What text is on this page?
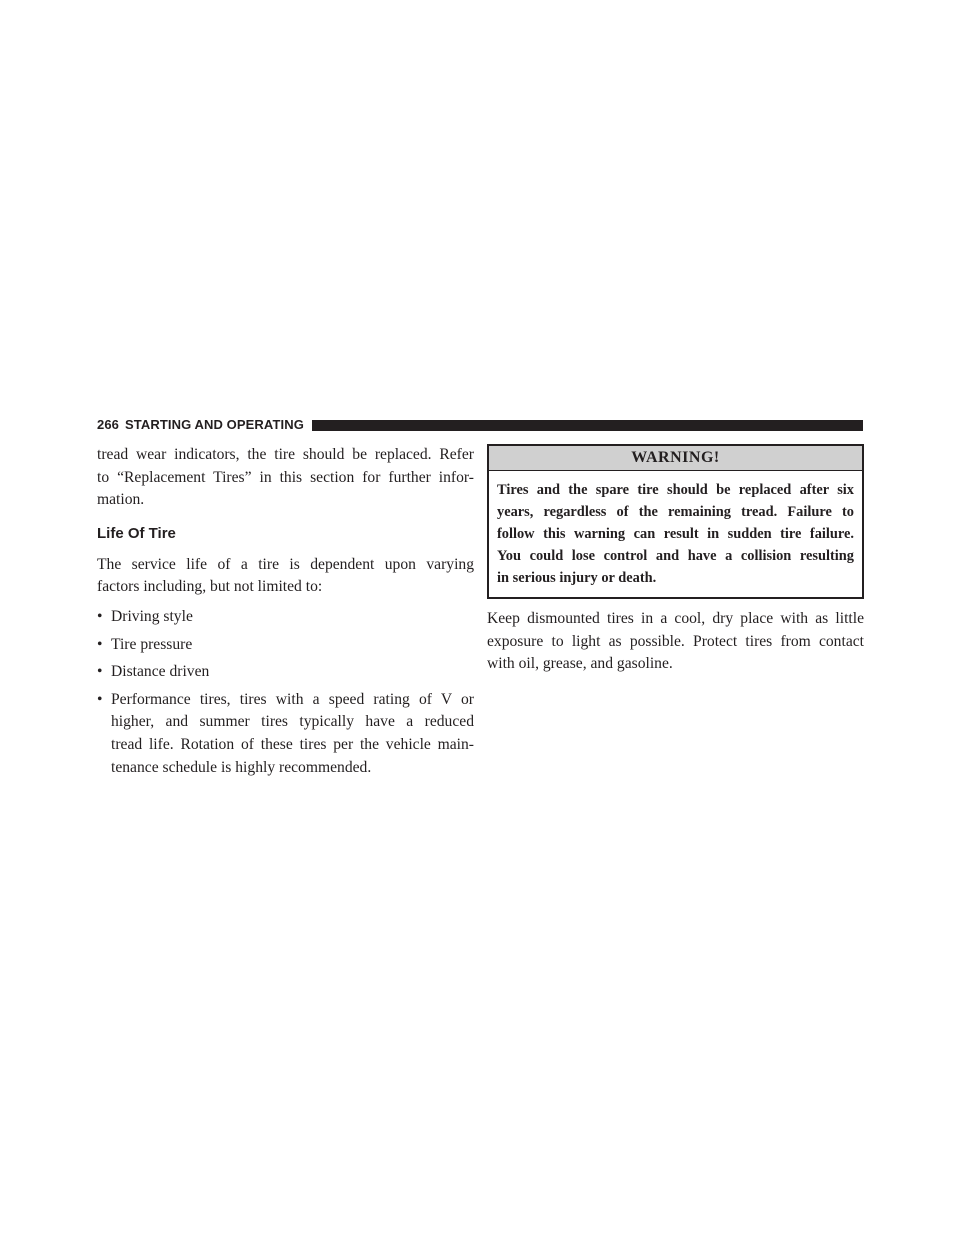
266 STARTING AND OPERATING

tread wear indicators, the tire should be replaced. Refer
to “Replacement Tires” in this section for further infor-
mation.

Life Of Tire

The service life of a tire is dependent upon varying
factors including, but not limited to:

• Driving style
• Tire pressure
• Distance driven
• Performance tires, tires with a speed rating of V or
higher, and summer tires typically have a reduced
tread life. Rotation of these tires per the vehicle main-
tenance schedule is highly recommended.
WARNING!
Tires and the spare tire should be replaced after six
years, regardless of the remaining tread. Failure to
follow this warning can result in sudden tire failure.
You could lose control and have a collision resulting
in serious injury or death.

Keep dismounted tires in a cool, dry place with as little
exposure to light as possible. Protect tires from contact
with oil, grease, and gasoline.
